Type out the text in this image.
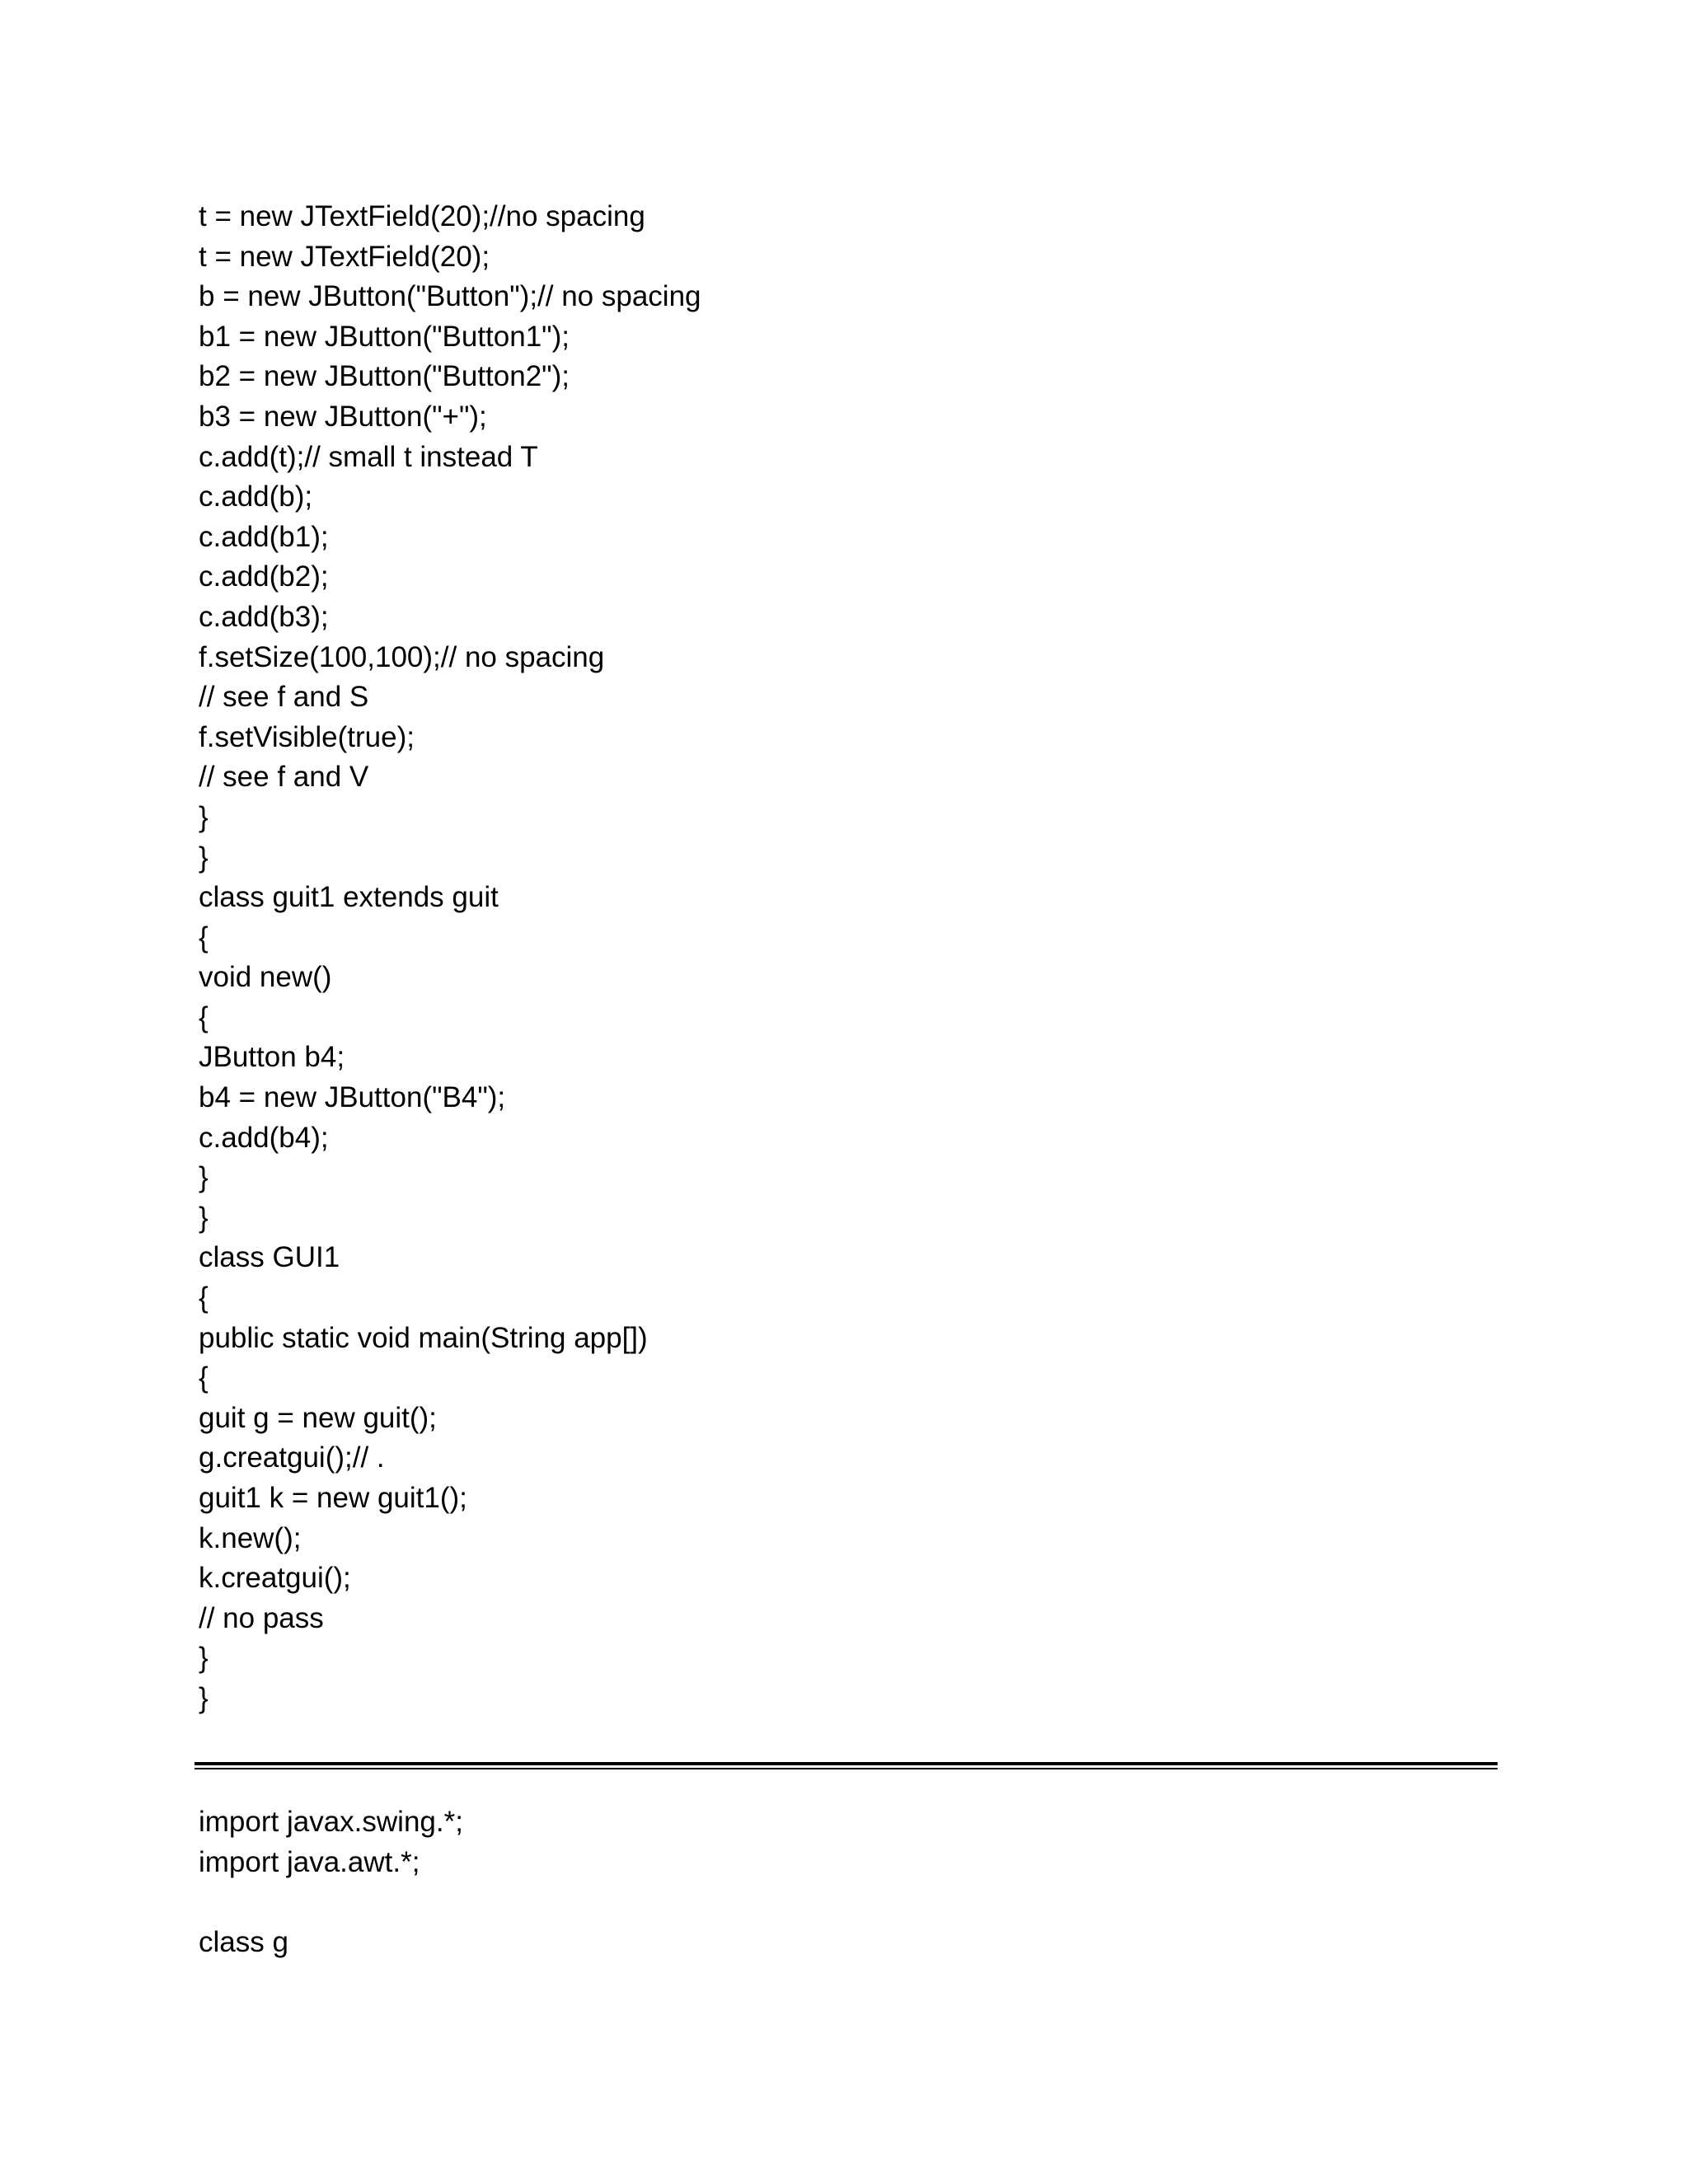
t = new JTextField(20);//no spacing
t = new JTextField(20);
b = new JButton("Button");// no spacing
b1 = new JButton("Button1");
b2 = new JButton("Button2");
b3 = new JButton("+");
c.add(t);// small t instead T
c.add(b);
c.add(b1);
c.add(b2);
c.add(b3);
f.setSize(100,100);// no spacing
// see f and S
f.setVisible(true);
// see f and V
}
}
class guit1 extends guit
{
void new()
{
JButton b4;
b4 = new JButton("B4");
c.add(b4);
}
}
class GUI1
{
public static void main(String app[])
{
guit g = new guit();
g.creatgui();// .
guit1 k = new guit1();
k.new();
k.creatgui();
// no pass
}
}
import javax.swing.*;
import java.awt.*;
class g
